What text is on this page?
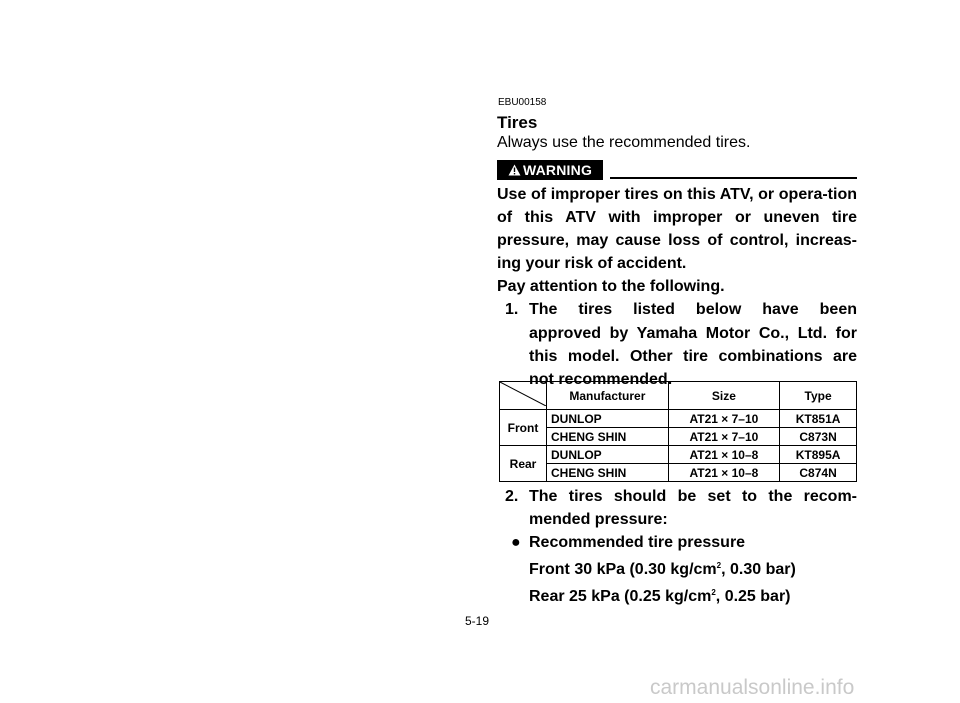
EBU00158
Tires
Always use the recommended tires.
WARNING

Use of improper tires on this ATV, or opera-tion of this ATV with improper or uneven tire pressure, may cause loss of control, increas-ing your risk of accident.

Pay attention to the following.

1. The tires listed below have been
approved by Yamaha Motor Co., Ltd. for
this model. Other tire combinations are
not recommended.
	Manufacturer	Size	Type
Front	DUNLOP	AT21 × 7–10	KT851A
	CHENG SHIN	AT21 × 7–10	C873N
Rear	DUNLOP	AT21 × 10–8	KT895A
	CHENG SHIN	AT21 × 10–8	C874N
2. The tires should be set to the recom-
mended pressure:
● Recommended tire pressure
Front 30 kPa (0.30 $kg/cm^2$, 0.30 bar)
Rear 25 kPa (0.25 $kg/cm^2$, 0.25 bar)
5-19
carmanualsonline.info
